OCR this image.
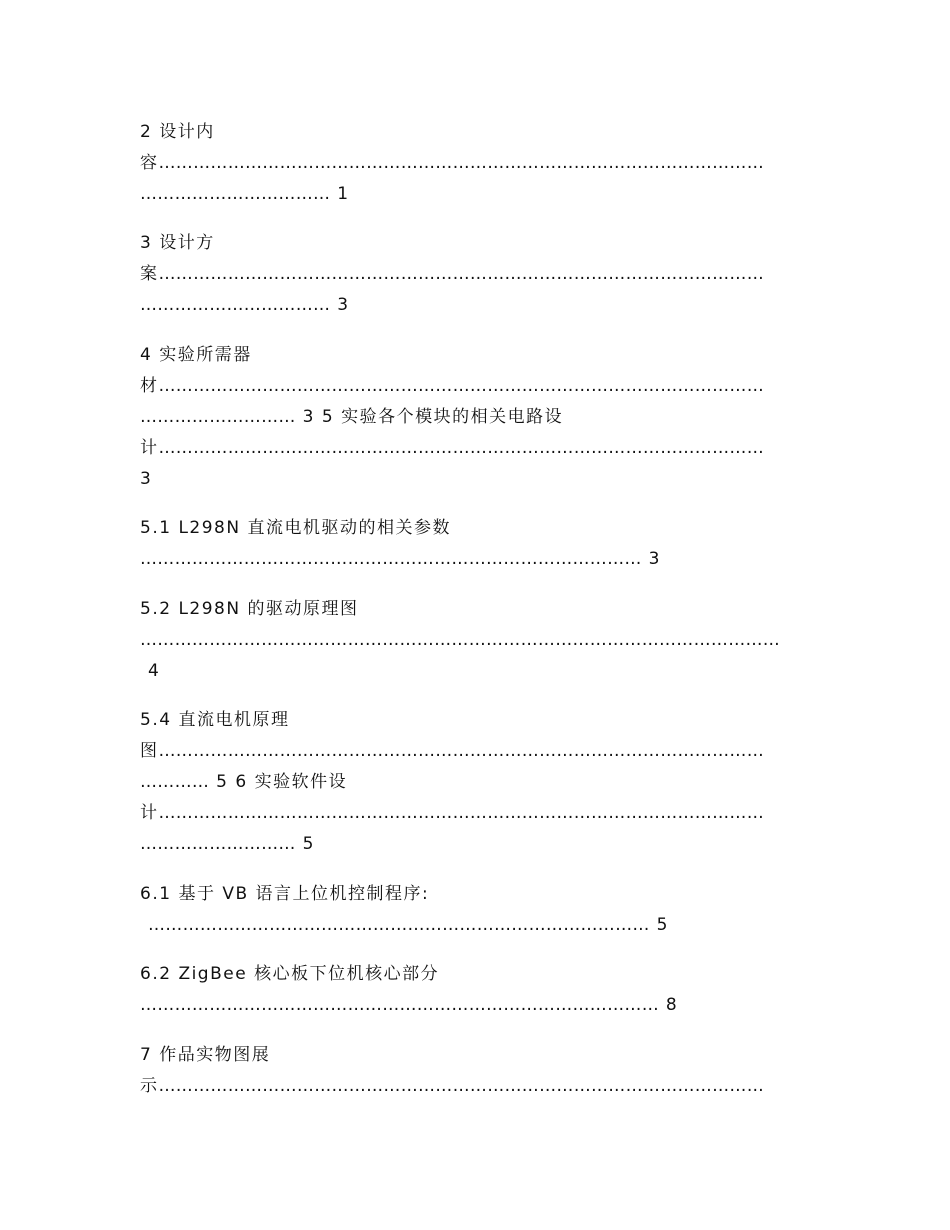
2 设计内

容……………………………………………………………………………………………

…………………………… 1

3 设计方

案……………………………………………………………………………………………

…………………………… 3

4 实验所需器

材……………………………………………………………………………………………

……………………… 3 5 实验各个模块的相关电路设

计……………………………………………………………………………………………

3

5.1 L298N 直流电机驱动的相关参数

…………………………………………………………………………… 3

5.2 L298N 的驱动原理图

…………………………………………………………………………………………………

4

5.4 直流电机原理

图……………………………………………………………………………………………

………… 5 6 实验软件设

计……………………………………………………………………………………………

……………………… 5

6.1 基于 VB 语言上位机控制程序:

…………………………………………………………………………… 5

6.2 ZigBee 核心板下位机核心部分

……………………………………………………………………………… 8

7 作品实物图展

示……………………………………………………………………………………………
